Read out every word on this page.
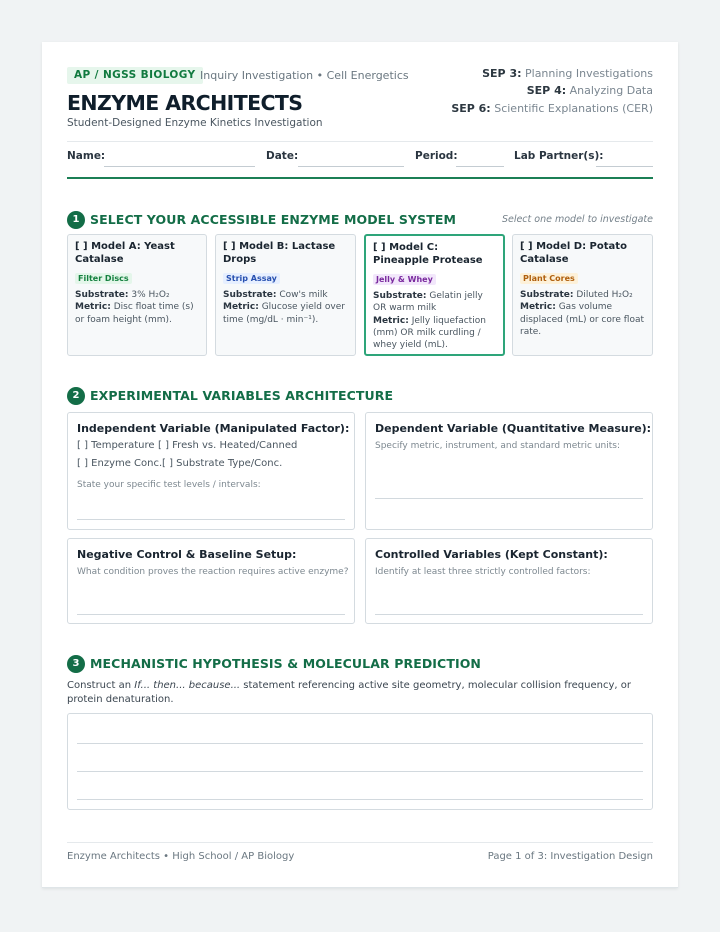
AP / NGSS BIOLOGY Inquiry Investigation • Cell Energetics
ENZYME ARCHITECTS
Student-Designed Enzyme Kinetics Investigation
SEP 3: Planning Investigations
SEP 4: Analyzing Data
SEP 6: Scientific Explanations (CER)
Name:	Date:	Period:	Lab Partner(s):
1 SELECT YOUR ACCESSIBLE ENZYME MODEL SYSTEM	Select one model to investigate
[ ] Model A: Yeast Catalase
Filter Discs
Substrate: 3% H₂O₂
Metric: Disc float time (s) or foam height (mm).
[ ] Model B: Lactase Drops
Strip Assay
Substrate: Cow's milk
Metric: Glucose yield over time (mg/dL · min⁻¹).
[ ] Model C: Pineapple Protease
Jelly & Whey
Substrate: Gelatin jelly OR warm milk
Metric: Jelly liquefaction (mm) OR milk curdling / whey yield (mL).
[ ] Model D: Potato Catalase
Plant Cores
Substrate: Diluted H₂O₂
Metric: Gas volume displaced (mL) or core float rate.
2 EXPERIMENTAL VARIABLES ARCHITECTURE
Independent Variable (Manipulated Factor):
[ ] Temperature [ ] Fresh vs. Heated/Canned
[ ] Enzyme Conc. [ ] Substrate Type/Conc.
State your specific test levels / intervals:
Dependent Variable (Quantitative Measure):
Specify metric, instrument, and standard metric units:
Negative Control & Baseline Setup:
What condition proves the reaction requires active enzyme?
Controlled Variables (Kept Constant):
Identify at least three strictly controlled factors:
3 MECHANISTIC HYPOTHESIS & MOLECULAR PREDICTION
Construct an If... then... because... statement referencing active site geometry, molecular collision frequency, or protein denaturation.
Enzyme Architects • High School / AP Biology	Page 1 of 3: Investigation Design
